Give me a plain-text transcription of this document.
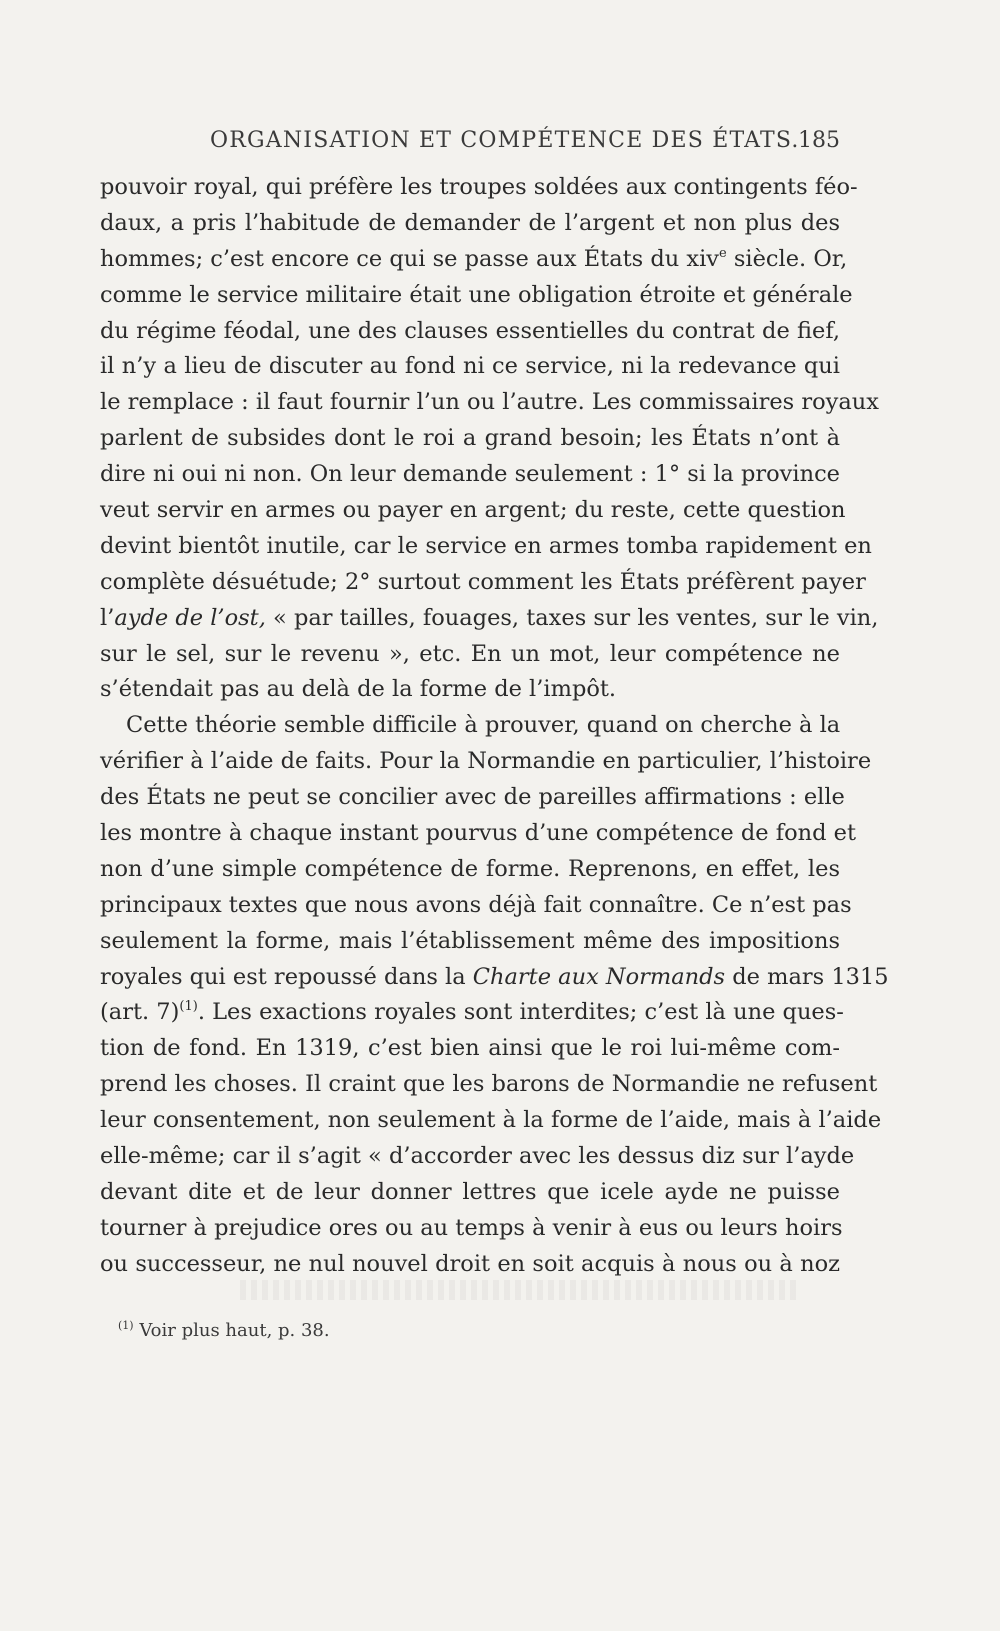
ORGANISATION ET COMPÉTENCE DES ÉTATS.
185
pouvoir royal, qui préfère les troupes soldées aux contingents féo-
daux, a pris l’habitude de demander de l’argent et non plus des
hommes; c’est encore ce qui se passe aux États du xiv$^e$ siècle. Or,
comme le service militaire était une obligation étroite et générale
du régime féodal, une des clauses essentielles du contrat de fief,
il n’y a lieu de discuter au fond ni ce service, ni la redevance qui
le remplace : il faut fournir l’un ou l’autre. Les commissaires royaux
parlent de subsides dont le roi a grand besoin; les États n’ont à
dire ni oui ni non. On leur demande seulement : 1° si la province
veut servir en armes ou payer en argent; du reste, cette question
devint bientôt inutile, car le service en armes tomba rapidement en
complète désuétude; 2° surtout comment les États préfèrent payer
l’ayde de l’ost, « par tailles, fouages, taxes sur les ventes, sur le vin,
sur le sel, sur le revenu », etc. En un mot, leur compétence ne
s’étendait pas au delà de la forme de l’impôt.
Cette théorie semble difficile à prouver, quand on cherche à la
vérifier à l’aide de faits. Pour la Normandie en particulier, l’histoire
des États ne peut se concilier avec de pareilles affirmations : elle
les montre à chaque instant pourvus d’une compétence de fond et
non d’une simple compétence de forme. Reprenons, en effet, les
principaux textes que nous avons déjà fait connaître. Ce n’est pas
seulement la forme, mais l’établissement même des impositions
royales qui est repoussé dans la Charte aux Normands de mars 1315
(art. 7)$^{(1)}$. Les exactions royales sont interdites; c’est là une ques-
tion de fond. En 1319, c’est bien ainsi que le roi lui-même com-
prend les choses. Il craint que les barons de Normandie ne refusent
leur consentement, non seulement à la forme de l’aide, mais à l’aide
elle-même; car il s’agit « d’accorder avec les dessus diz sur l’ayde
devant dite et de leur donner lettres que icele ayde ne puisse
tourner à prejudice ores ou au temps à venir à eus ou leurs hoirs
ou successeur, ne nul nouvel droit en soit acquis à nous ou à noz
$^{(1)}$ Voir plus haut, p. 38.
